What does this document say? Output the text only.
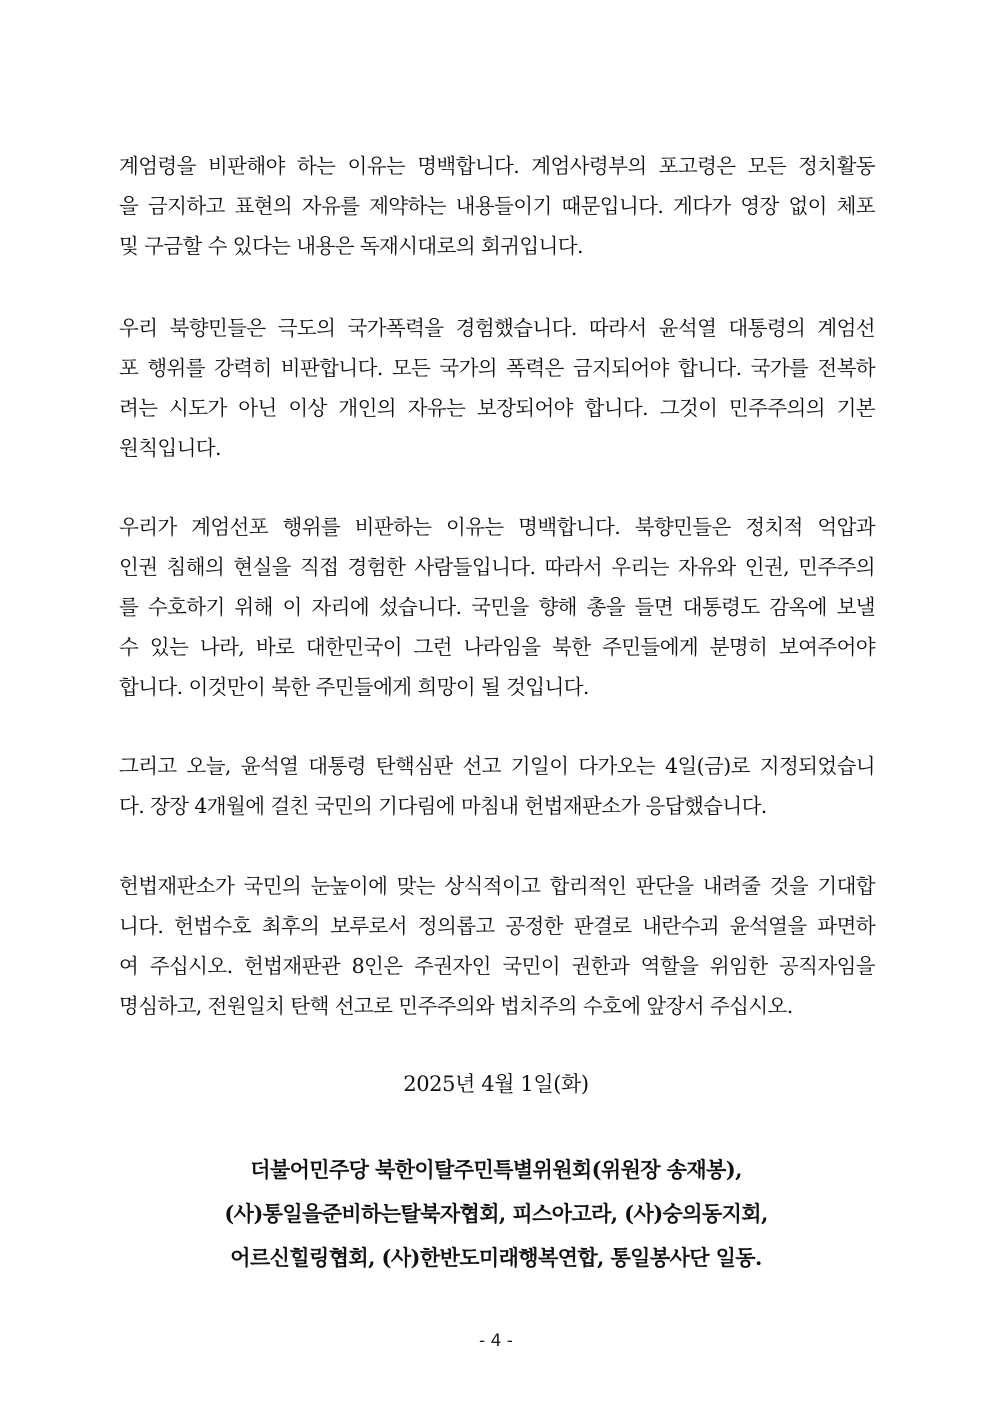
계엄령을 비판해야 하는 이유는 명백합니다. 계엄사령부의 포고령은 모든 정치활동
을 금지하고 표현의 자유를 제약하는 내용들이기 때문입니다. 게다가 영장 없이 체포
및 구금할 수 있다는 내용은 독재시대로의 회귀입니다.
우리 북향민들은 극도의 국가폭력을 경험했습니다. 따라서 윤석열 대통령의 계엄선
포 행위를 강력히 비판합니다. 모든 국가의 폭력은 금지되어야 합니다. 국가를 전복하
려는 시도가 아닌 이상 개인의 자유는 보장되어야 합니다. 그것이 민주주의의 기본
원칙입니다.
우리가 계엄선포 행위를 비판하는 이유는 명백합니다. 북향민들은 정치적 억압과
인권 침해의 현실을 직접 경험한 사람들입니다. 따라서 우리는 자유와 인권, 민주주의
를 수호하기 위해 이 자리에 섰습니다. 국민을 향해 총을 들면 대통령도 감옥에 보낼
수 있는 나라, 바로 대한민국이 그런 나라임을 북한 주민들에게 분명히 보여주어야
합니다. 이것만이 북한 주민들에게 희망이 될 것입니다.
그리고 오늘, 윤석열 대통령 탄핵심판 선고 기일이 다가오는 4일(금)로 지정되었습니
다. 장장 4개월에 걸친 국민의 기다림에 마침내 헌법재판소가 응답했습니다.
헌법재판소가 국민의 눈높이에 맞는 상식적이고 합리적인 판단을 내려줄 것을 기대합
니다. 헌법수호 최후의 보루로서 정의롭고 공정한 판결로 내란수괴 윤석열을 파면하
여 주십시오. 헌법재판관 8인은 주권자인 국민이 권한과 역할을 위임한 공직자임을
명심하고, 전원일치 탄핵 선고로 민주주의와 법치주의 수호에 앞장서 주십시오.
2025년 4월 1일(화)
더불어민주당 북한이탈주민특별위원회(위원장 송재봉),
(사)통일을준비하는탈북자협회, 피스아고라, (사)숭의동지회,
어르신힐링협회, (사)한반도미래행복연합, 통일봉사단 일동.
- 4 -
